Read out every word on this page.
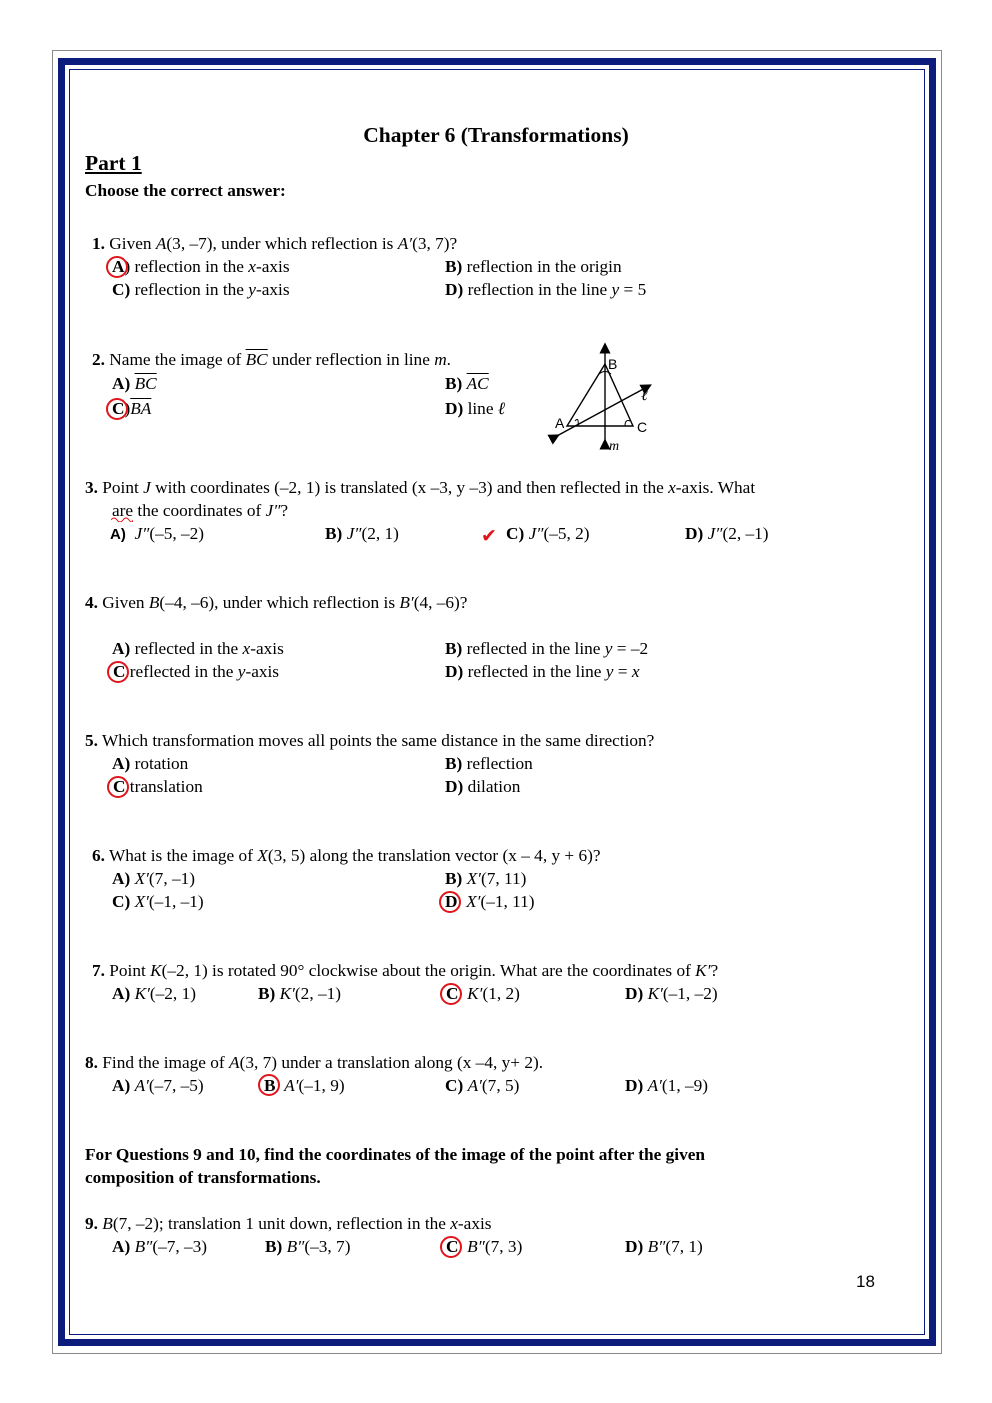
Chapter 6 (Transformations)
Part 1
Choose the correct answer:
1. Given A(3, –7), under which reflection is A′(3, 7)?
A) reflection in the x-axis	B) reflection in the origin
C) reflection in the y-axis	D) reflection in the line y = 5
2. Name the image of $\overline{BC}$ under reflection in line m.
A) $\overline{BC}$	B) $\overline{AC}$
$C)\overline{BA}$	D) line ℓ
B
A	C
ℓ
m
3. Point J with coordinates (–2, 1) is translated (x –3, y –3) and then reflected in the x-axis. What
are the coordinates of J″?
A) J″(–5, –2)	B) J″(2, 1)	C) J″(–5, 2)	D) J″(2, –1)
✔
4. Given B(–4, –6), under which reflection is B′(4, –6)?
A) reflected in the x-axis	B) reflected in the line y = –2
C reflected in the y-axis	D) reflected in the line y = x
5. Which transformation moves all points the same distance in the same direction?
A) rotation	B) reflection
C translation	D) dilation
6. What is the image of X(3, 5) along the translation vector (x – 4, y + 6)?
A) X′(7, –1)	B) X′(7, 11)
C) X′(–1, –1)	D X′(–1, 11)
7. Point K(–2, 1) is rotated 90° clockwise about the origin. What are the coordinates of K′?
A) K′(–2, 1)	B) K′(2, –1)	C K′(1, 2)	D) K′(–1, –2)
8. Find the image of A(3, 7) under a translation along (x –4, y+ 2).
A) A′(–7, –5)	B A′(–1, 9)	C) A′(7, 5)	D) A′(1, –9)
For Questions 9 and 10, find the coordinates of the image of the point after the given
composition of transformations.
9. B(7, –2); translation 1 unit down, reflection in the x-axis
A) B″(–7, –3)	B) B″(–3, 7)	C B″(7, 3)	D) B″(7, 1)
18
